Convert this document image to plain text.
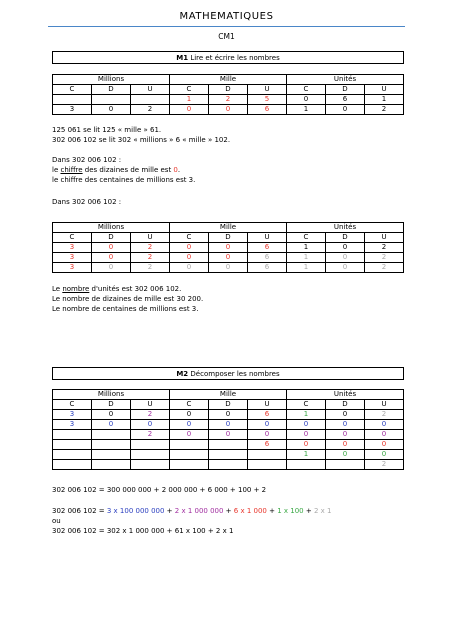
MATHEMATIQUES
CM1
M1 Lire et écrire les nombres
Millions			Mille			Unités		
C	D	U	C	D	U	C	D	U
			1	2	5	0	6	1
3	0	2	0	0	6	1	0	2
125 061 se lit 125 « mille » 61.
302 006 102 se lit 302 « millions » 6 « mille » 102.
Dans 302 006 102 :
le chiffre des dizaines de mille est 0.
le chiffre des centaines de millions est 3.
Dans 302 006 102 :
Millions			Mille			Unités		
C	D	U	C	D	U	C	D	U
3	0	2	0	0	6	1	0	2
3	0	2	0	0	6	1	0	2
3	0	2	0	0	6	1	0	2
Le nombre d'unités est 302 006 102.
Le nombre de dizaines de mille est 30 200.
Le nombre de centaines de millions est 3.
M2 Décomposer les nombres
Millions			Mille			Unités		
C	D	U	C	D	U	C	D	U
3	0	2	0	0	6	1	0	2
3	0	0	0	0	0	0	0	0
		2	0	0	0	0	0	0
					6	0	0	0
						1	0	0
								2
302 006 102 = 300 000 000 + 2 000 000 + 6 000 + 100 + 2
302 006 102 = 3 x 100 000 000 + 2 x 1 000 000 + 6 x 1 000 + 1 x 100 + 2 x 1
ou
302 006 102 = 302 x 1 000 000 + 61 x 100 + 2 x 1
